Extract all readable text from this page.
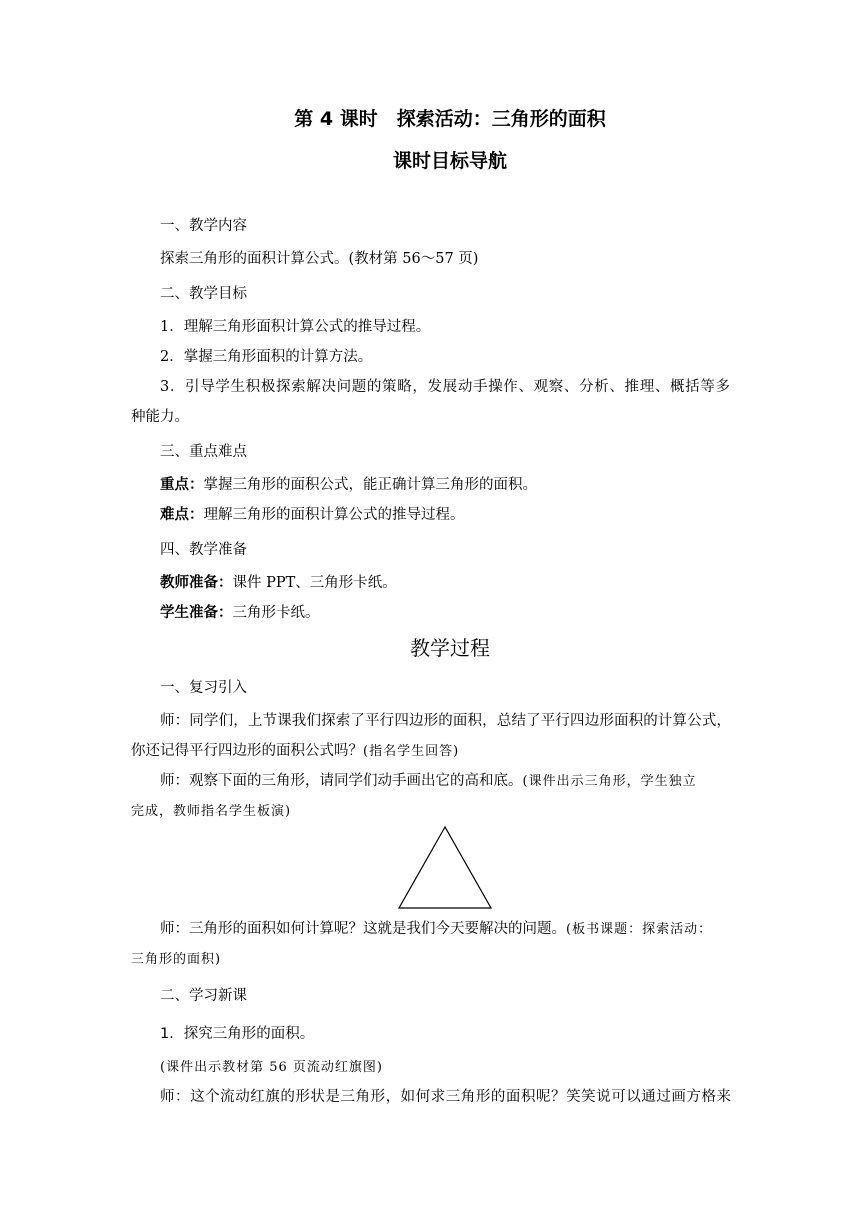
第 4 课时　探索活动：三角形的面积
课时目标导航
一、教学内容
探索三角形的面积计算公式。(教材第 56～57 页)
二、教学目标
1．理解三角形面积计算公式的推导过程。
2．掌握三角形面积的计算方法。
3．引导学生积极探索解决问题的策略，发展动手操作、观察、分析、推理、概括等多
种能力。
三、重点难点
重点：掌握三角形的面积公式，能正确计算三角形的面积。
难点：理解三角形的面积计算公式的推导过程。
四、教学准备
教师准备：课件 PPT、三角形卡纸。
学生准备：三角形卡纸。
教学过程
一、复习引入
师：同学们，上节课我们探索了平行四边形的面积，总结了平行四边形面积的计算公式，
你还记得平行四边形的面积公式吗？(指名学生回答)
师：观察下面的三角形，请同学们动手画出它的高和底。(课件出示三角形，学生独立
完成，教师指名学生板演)
师：三角形的面积如何计算呢？这就是我们今天要解决的问题。(板书课题：探索活动：
三角形的面积)
二、学习新课
1．探究三角形的面积。
(课件出示教材第 56 页流动红旗图)
师：这个流动红旗的形状是三角形，如何求三角形的面积呢？笑笑说可以通过画方格来
